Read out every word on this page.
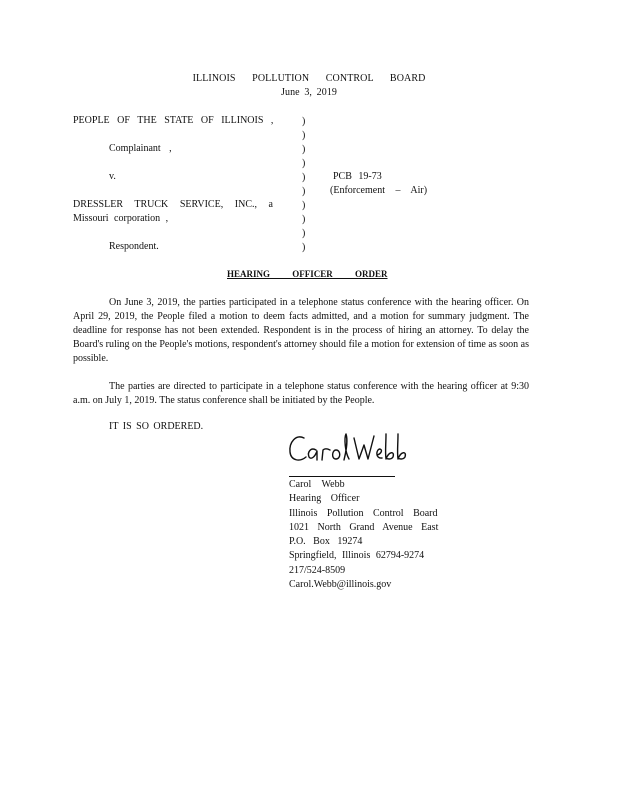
ILLINOIS POLLUTION CONTROL BOARD
June 3, 2019
PEOPLE OF THE STATE OF ILLINOIS ,
Complainant ,
v.
DRESSLER TRUCK SERVICE, INC., a
Missouri corporation ,
Respondent.
)
)
)
)
)
)
)
)
)
)
PCB 19-73
(Enforcement – Air)
HEARING OFFICER ORDER

On June 3, 2019, the parties participated in a telephone status conference with the hearing officer. On April 29, 2019, the People filed a motion to deem facts admitted, and a motion for summary judgment. The deadline for response has not been extended. Respondent is in the process of hiring an attorney. To delay the Board's ruling on the People's motions, respondent's attorney should file a motion for extension of time as soon as possible.

The parties are directed to participate in a telephone status conference with the hearing officer at 9:30 a.m. on July 1, 2019. The status conference shall be initiated by the People.

IT IS SO ORDERED.
Carol Webb
Hearing Officer
Illinois Pollution Control Board
1021 North Grand Avenue East
P.O. Box 19274
Springfield, Illinois 62794-9274
217/524-8509
Carol.Webb@illinois.gov
